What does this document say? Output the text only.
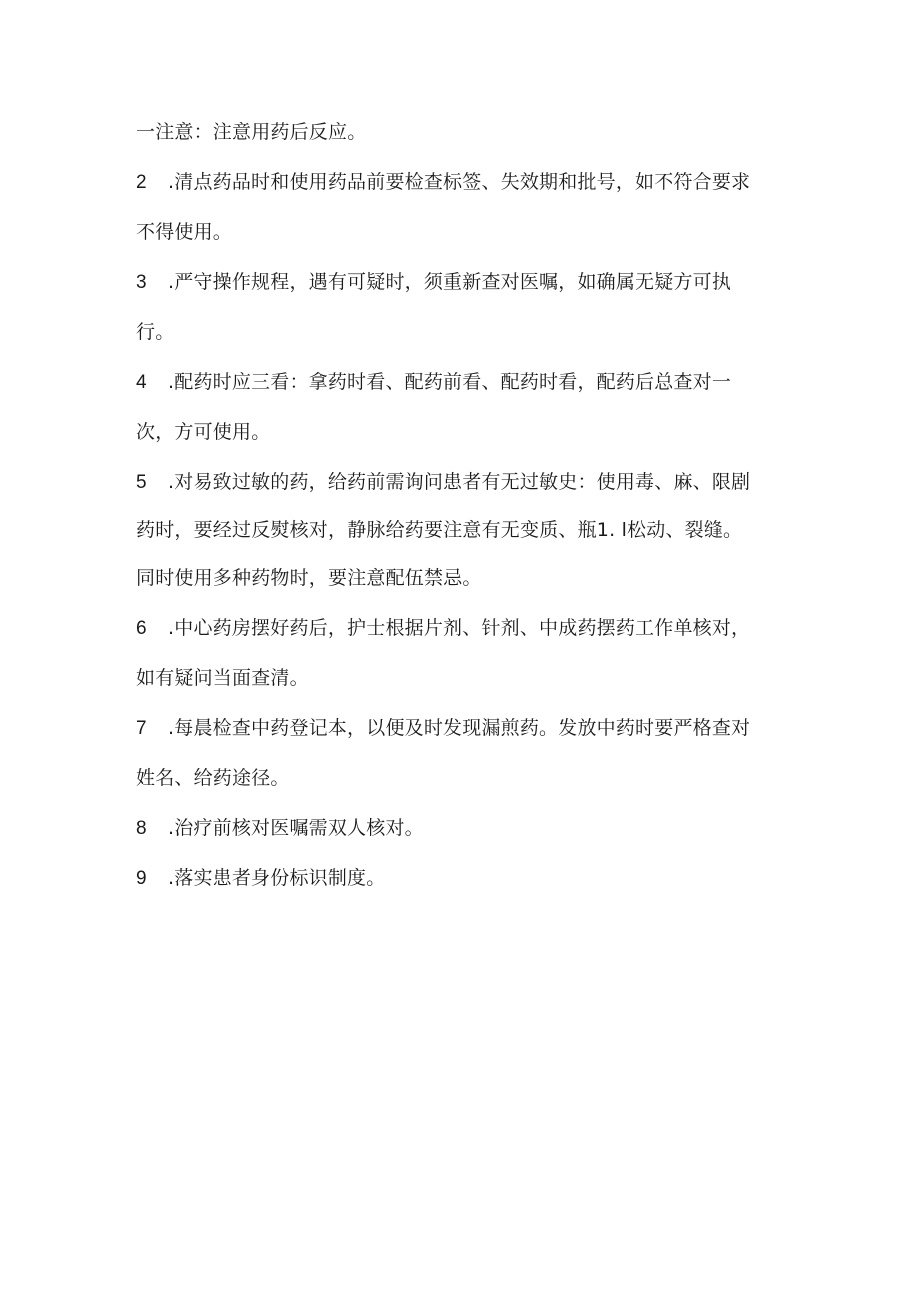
一注意：注意用药后反应。
2 .清点药品时和使用药品前要检查标签、失效期和批号，如不符合要求
不得使用。
3 .严守操作规程，遇有可疑时，须重新查对医嘱，如确属无疑方可执
行。
4 .配药时应三看：拿药时看、配药前看、配药时看，配药后总查对一
次，方可使用。
5 .对易致过敏的药，给药前需询问患者有无过敏史：使用毒、麻、限剧
药时，要经过反熨核对，静脉给药要注意有无变质、瓶1. l松动、裂缝。
同时使用多种药物时，要注意配伍禁忌。
6 .中心药房摆好药后，护士根据片剂、针剂、中成药摆药工作单核对，
如有疑问当面查清。
7 .每晨检查中药登记本，以便及时发现漏煎药。发放中药时要严格查对
姓名、给药途径。
8 .治疗前核对医嘱需双人核对。
9 .落实患者身份标识制度。
